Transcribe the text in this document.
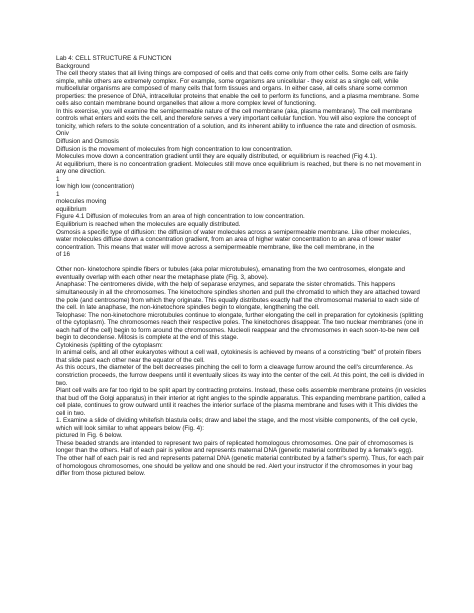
Lab 4: CELL STRUCTURE & FUNCTION

Background

The cell theory states that all living things are composed of cells and that cells come only from other cells. Some cells are fairly simple, while others are extremely complex. For example, some organisms are unicellular - they exist as a single cell, while multicellular organisms are composed of many cells that form tissues and organs. In either case, all cells share some common properties: the presence of DNA, intracellular proteins that enable the cell to perform its functions, and a plasma membrane. Some cells also contain membrane bound organelles that allow a more complex level of functioning.

In this exercise, you will examine the semipermeable nature of the cell membrane (aka, plasma membrane). The cell membrane controls what enters and exits the cell, and therefore serves a very important cellular function. You will also explore the concept of tonicity, which refers to the solute concentration of a solution, and its inherent ability to influence the rate and direction of osmosis.

Oniv

Diffusion and Osmosis

Diffusion is the movement of molecules from high concentration to low concentration.

Molecules move down a concentration gradient until they are equally distributed, or equilibrium is reached (Fig 4.1).

At equilibrium, there is no concentration gradient. Molecules still move once equilibrium is reached, but there is no net movement in any one direction.

1

low high low (concentration)

1

molecules moving

equilibrium

Figure 4.1 Diffusion of molecules from an area of high concentration to low concentration.

Equilibrium is reached when the molecules are equally distributed.

Osmosis a specific type of diffusion: the diffusion of water molecules across a semipermeable membrane. Like other molecules, water molecules diffuse down a concentration gradient, from an area of higher water concentration to an area of lower water concentration. This means that water will move across a semipermeable membrane, like the cell membrane, in the

of 16

Other non- kinetochore spindle fibers or tubules (aka polar microtubules), emanating from the two centrosomes, elongate and eventually overlap with each other near the metaphase plate (Fig. 3, above).

Anaphase: The centromeres divide, with the help of separase enzymes, and separate the sister chromatids. This happens simultaneously in all the chromosomes. The kinetochore spindles shorten and pull the chromatid to which they are attached toward the pole (and centrosome) from which they originate. This equally distributes exactly half the chromosomal material to each side of the cell. In late anaphase, the non-kinetochore spindles begin to elongate, lengthening the cell.

Telophase: The non-kinetochore microtubules continue to elongate, further elongating the cell in preparation for cytokinesis (splitting of the cytoplasm). The chromosomes reach their respective poles. The kinetochores disappear. The two nuclear membranes (one in each half of the cell) begin to form around the chromosomes. Nucleoli reappear and the chromosomes in each soon-to-be new cell begin to decondense. Mitosis is complete at the end of this stage.

Cytokinesis (splitting of the cytoplasm:

In animal cells, and all other eukaryotes without a cell wall, cytokinesis is achieved by means of a constricting "belt" of protein fibers that slide past each other near the equator of the cell.

As this occurs, the diameter of the belt decreases pinching the cell to form a cleavage furrow around the cell's circumference. As constriction proceeds, the furrow deepens until it eventually slices its way into the center of the cell. At this point, the cell is divided in two.

Plant cell walls are far too rigid to be split apart by contracting proteins. Instead, these cells assemble membrane proteins (in vesicles that bud off the Golgi apparatus) in their interior at right angles to the spindle apparatus. This expanding membrane partition, called a cell plate, continues to grow outward until it reaches the interior surface of the plasma membrane and fuses with it This divides the cell in two.

1. Examine a slide of dividing whitefish blastula cells; draw and label the stage, and the most visible components, of the cell cycle, which will look similar to what appears below (Fig. 4):

pictured In Fig. 6 below.

These beaded strands are intended to represent two pairs of replicated homologous chromosomes. One pair of chromosomes is longer than the others. Half of each pair is yellow and represents maternal DNA (genetic material contributed by a female's egg).

The other half of each pair is red and represents paternal DNA (genetic material contributed by a father's sperm). Thus, for each pair of homologous chromosomes, one should be yellow and one should be red. Alert your instructor if the chromosomes in your bag differ from those pictured below.
